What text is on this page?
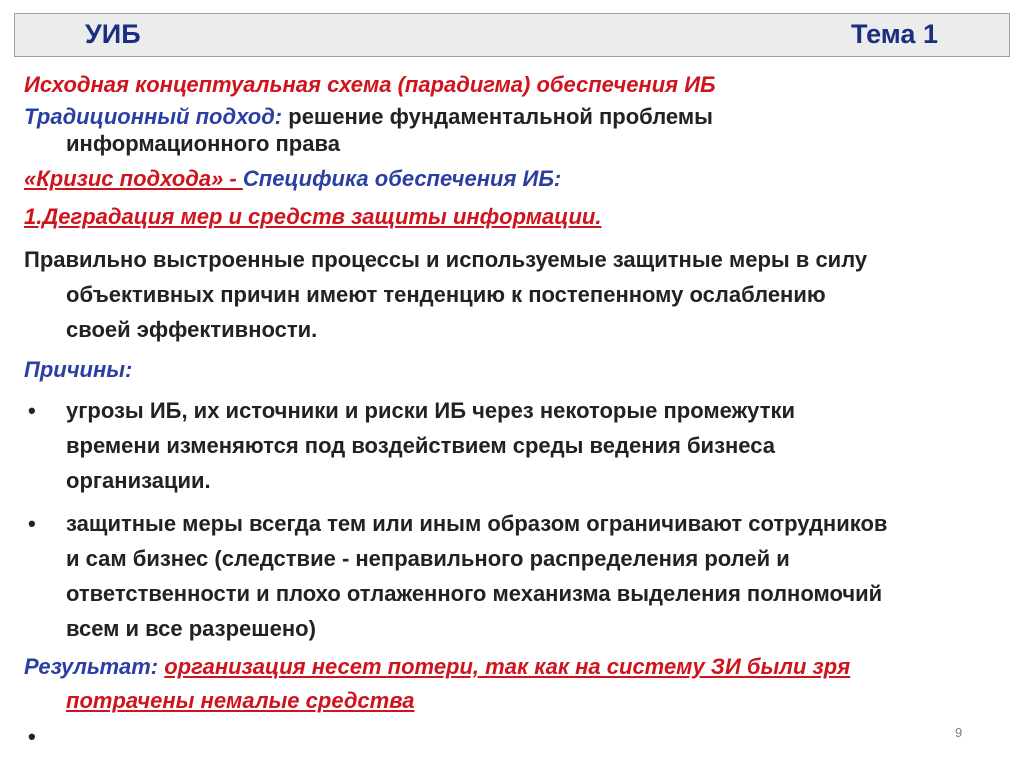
УИБ	Тема 1
Исходная концептуальная схема (парадигма) обеспечения ИБ
Традиционный подход: решение фундаментальной проблемы
информационного права
«Кризис подхода» - Специфика обеспечения ИБ:
1.Деградация мер и средств защиты информации.
Правильно выстроенные процессы и используемые защитные меры в силу
объективных причин имеют тенденцию к постепенному ослаблению
своей эффективности.
Причины:
• угрозы ИБ, их источники и риски ИБ через некоторые промежутки
времени изменяются под воздействием среды ведения бизнеса
организации.
• защитные меры всегда тем или иным образом ограничивают сотрудников
и сам бизнес (следствие - неправильного распределения ролей и
ответственности и плохо отлаженного механизма выделения полномочий
всем и все разрешено)
Результат: организация несет потери, так как на систему ЗИ были зря
потрачены немалые средства
•	9
